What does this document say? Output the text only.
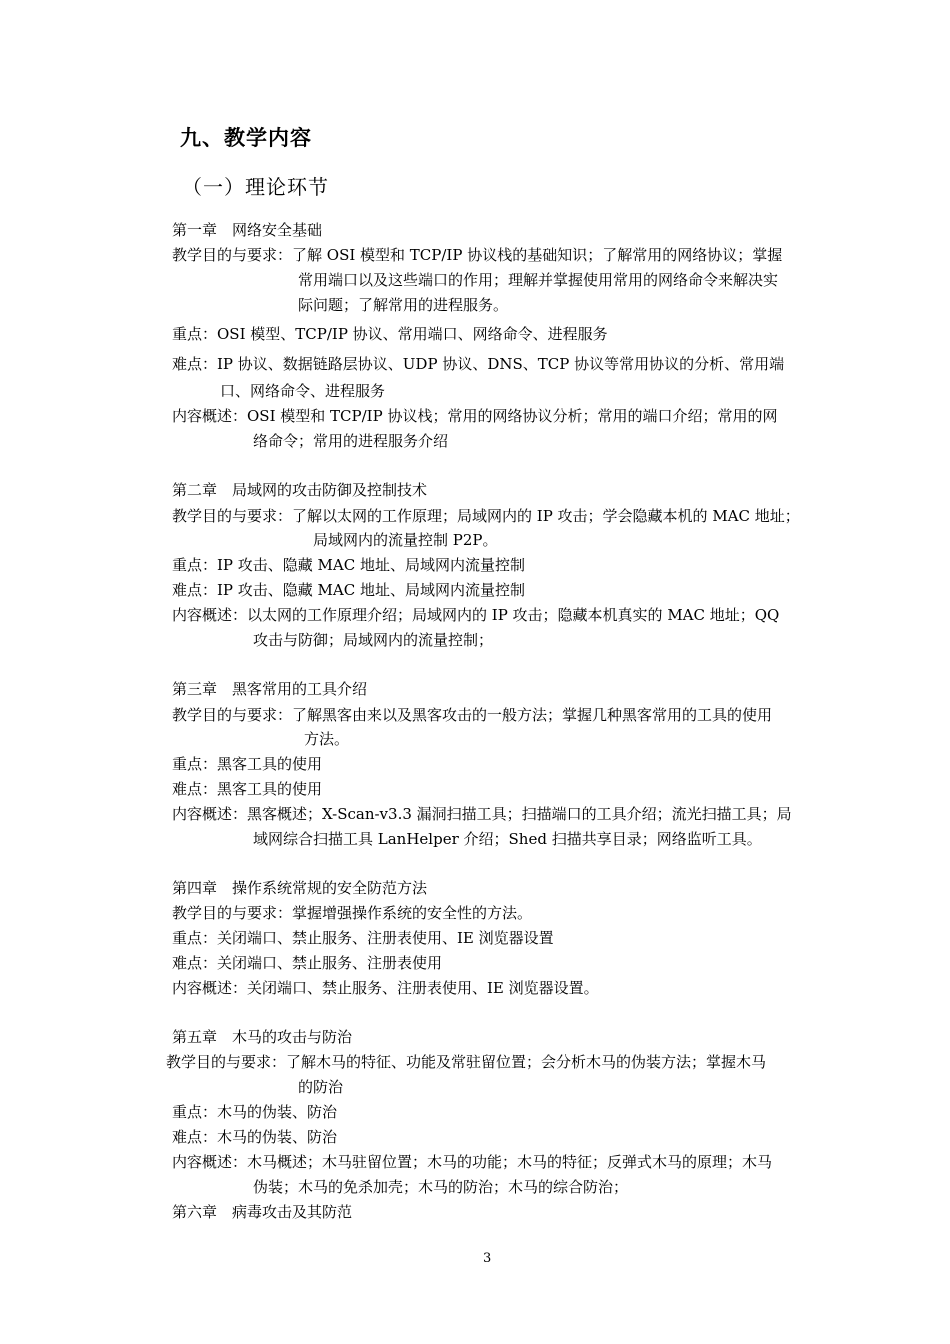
九、教学内容
（一）理论环节
第一章　网络安全基础
教学目的与要求：了解 OSI 模型和 TCP/IP 协议栈的基础知识；了解常用的网络协议；掌握
常用端口以及这些端口的作用；理解并掌握使用常用的网络命令来解决实
际问题；了解常用的进程服务。
重点：OSI 模型、TCP/IP 协议、常用端口、网络命令、进程服务
难点：IP 协议、数据链路层协议、UDP 协议、DNS、TCP 协议等常用协议的分析、常用端
口、网络命令、进程服务
内容概述：OSI 模型和 TCP/IP 协议栈；常用的网络协议分析；常用的端口介绍；常用的网
络命令；常用的进程服务介绍
第二章　局域网的攻击防御及控制技术
教学目的与要求：了解以太网的工作原理；局域网内的 IP 攻击；学会隐藏本机的 MAC 地址；
局域网内的流量控制 P2P。
重点：IP 攻击、隐藏 MAC 地址、局域网内流量控制
难点：IP 攻击、隐藏 MAC 地址、局域网内流量控制
内容概述：以太网的工作原理介绍；局域网内的 IP 攻击；隐藏本机真实的 MAC 地址；QQ
攻击与防御；局域网内的流量控制；
第三章　黑客常用的工具介绍
教学目的与要求：了解黑客由来以及黑客攻击的一般方法；掌握几种黑客常用的工具的使用
方法。
重点：黑客工具的使用
难点：黑客工具的使用
内容概述：黑客概述；X-Scan-v3.3 漏洞扫描工具；扫描端口的工具介绍；流光扫描工具；局
域网综合扫描工具 LanHelper 介绍；Shed 扫描共享目录；网络监听工具。
第四章　操作系统常规的安全防范方法
教学目的与要求：掌握增强操作系统的安全性的方法。
重点：关闭端口、禁止服务、注册表使用、IE 浏览器设置
难点：关闭端口、禁止服务、注册表使用
内容概述：关闭端口、禁止服务、注册表使用、IE 浏览器设置。
第五章　木马的攻击与防治
教学目的与要求：了解木马的特征、功能及常驻留位置；会分析木马的伪装方法；掌握木马
的防治
重点：木马的伪装、防治
难点：木马的伪装、防治
内容概述：木马概述；木马驻留位置；木马的功能；木马的特征；反弹式木马的原理；木马
伪装；木马的免杀加壳；木马的防治；木马的综合防治；
第六章　病毒攻击及其防范
3
